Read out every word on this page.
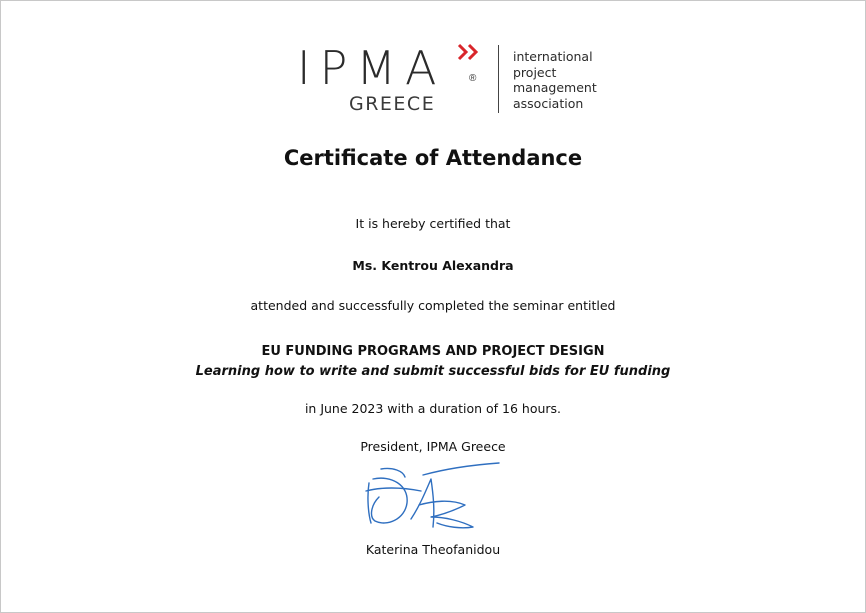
IPMA ®
GREECE
international
project
management
association
Certificate of Attendance
It is hereby certified that
Ms. Kentrou Alexandra
attended and successfully completed the seminar entitled
EU FUNDING PROGRAMS AND PROJECT DESIGN
Learning how to write and submit successful bids for EU funding
in June 2023 with a duration of 16 hours.
President, IPMA Greece
Katerina Theofanidou
